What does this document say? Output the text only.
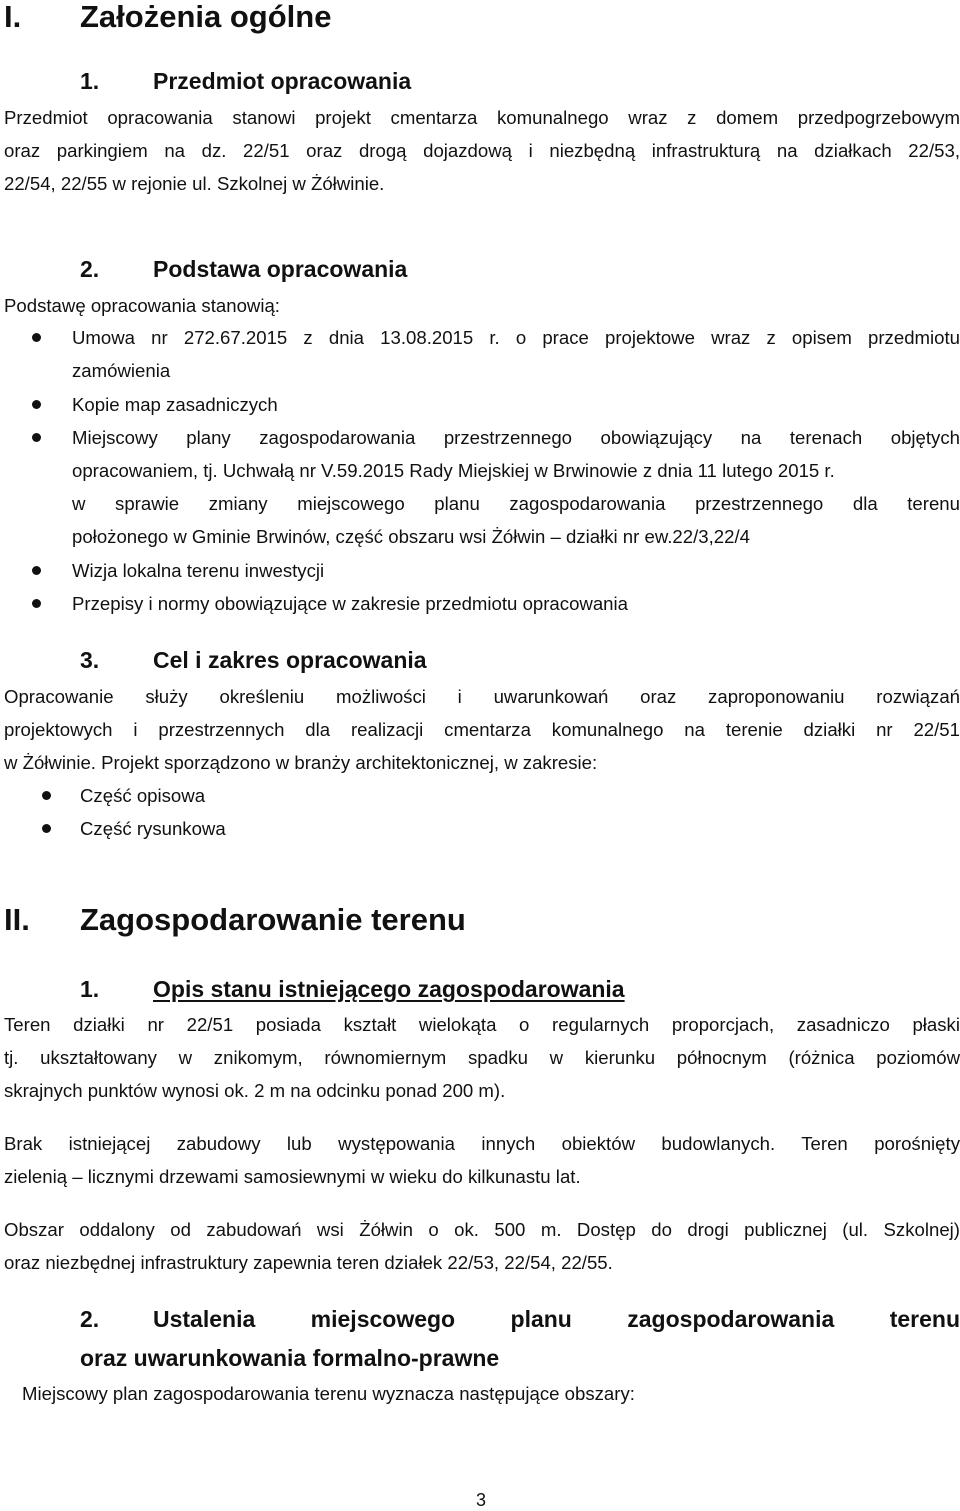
I. Założenia ogólne
1. Przedmiot opracowania
Przedmiot opracowania stanowi projekt cmentarza komunalnego wraz z domem przedpogrzebowym
oraz parkingiem na dz. 22/51 oraz drogą dojazdową i niezbędną infrastrukturą na działkach 22/53,
22/54, 22/55 w rejonie ul. Szkolnej w Żółwinie.
2. Podstawa opracowania
Podstawę opracowania stanowią:
Umowa nr 272.67.2015 z dnia 13.08.2015 r. o prace projektowe wraz z opisem przedmiotu
zamówienia
Kopie map zasadniczych
Miejscowy plany zagospodarowania przestrzennego obowiązujący na terenach objętych
opracowaniem, tj. Uchwałą nr V.59.2015 Rady Miejskiej w Brwinowie z dnia 11 lutego 2015 r.
w sprawie zmiany miejscowego planu zagospodarowania przestrzennego dla terenu
położonego w Gminie Brwinów, część obszaru wsi Żółwin – działki nr ew.22/3,22/4
Wizja lokalna terenu inwestycji
Przepisy i normy obowiązujące w zakresie przedmiotu opracowania
3. Cel i zakres opracowania
Opracowanie służy określeniu możliwości i uwarunkowań oraz zaproponowaniu rozwiązań
projektowych i przestrzennych dla realizacji cmentarza komunalnego na terenie działki nr 22/51
w Żółwinie. Projekt sporządzono w branży architektonicznej, w zakresie:
Część opisowa
Część rysunkowa
II. Zagospodarowanie terenu
1. Opis stanu istniejącego zagospodarowania
Teren działki nr 22/51 posiada kształt wielokąta o regularnych proporcjach, zasadniczo płaski
tj. ukształtowany w znikomym, równomiernym spadku w kierunku północnym (różnica poziomów
skrajnych punktów wynosi ok. 2 m na odcinku ponad 200 m).
Brak istniejącej zabudowy lub występowania innych obiektów budowlanych. Teren porośnięty
zielenią – licznymi drzewami samosiewnymi w wieku do kilkunastu lat.
Obszar oddalony od zabudowań wsi Żółwin o ok. 500 m. Dostęp do drogi publicznej (ul. Szkolnej)
oraz niezbędnej infrastruktury zapewnia teren działek 22/53, 22/54, 22/55.
2. Ustalenia miejscowego planu zagospodarowania terenu
oraz uwarunkowania formalno-prawne
Miejscowy plan zagospodarowania terenu wyznacza następujące obszary:
3
